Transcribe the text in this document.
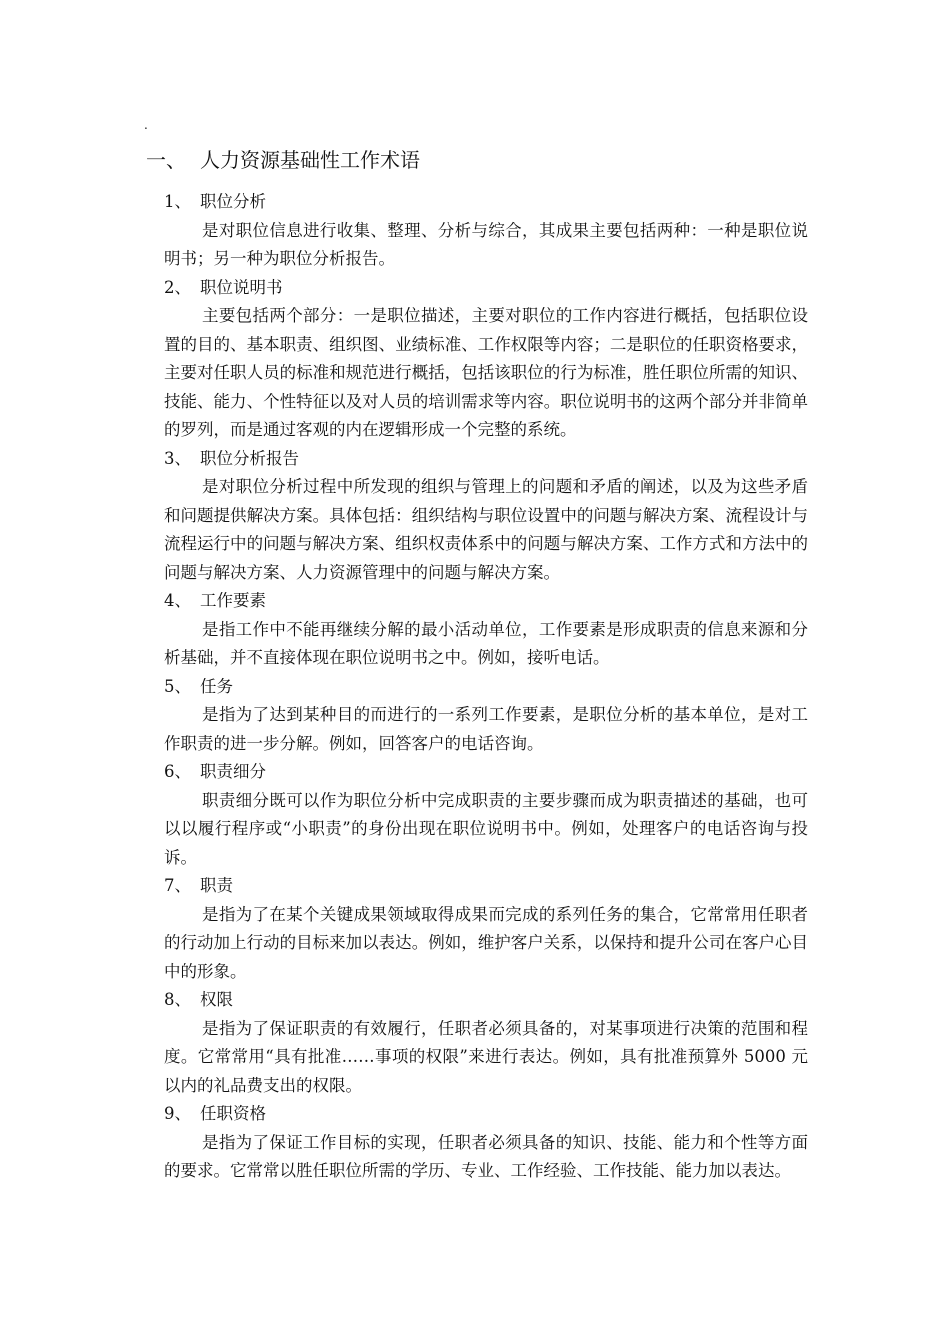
.
一、 人力资源基础性工作术语
1、 职位分析

是对职位信息进行收集、整理、分析与综合，其成果主要包括两种：一种是职位说明书；另一种为职位分析报告。

2、 职位说明书

主要包括两个部分：一是职位描述，主要对职位的工作内容进行概括，包括职位设置的目的、基本职责、组织图、业绩标准、工作权限等内容；二是职位的任职资格要求，主要对任职人员的标准和规范进行概括，包括该职位的行为标准，胜任职位所需的知识、技能、能力、个性特征以及对人员的培训需求等内容。职位说明书的这两个部分并非简单的罗列，而是通过客观的内在逻辑形成一个完整的系统。

3、 职位分析报告

是对职位分析过程中所发现的组织与管理上的问题和矛盾的阐述，以及为这些矛盾和问题提供解决方案。具体包括：组织结构与职位设置中的问题与解决方案、流程设计与流程运行中的问题与解决方案、组织权责体系中的问题与解决方案、工作方式和方法中的问题与解决方案、人力资源管理中的问题与解决方案。

4、 工作要素

是指工作中不能再继续分解的最小活动单位，工作要素是形成职责的信息来源和分析基础，并不直接体现在职位说明书之中。例如，接听电话。

5、 任务

是指为了达到某种目的而进行的一系列工作要素，是职位分析的基本单位，是对工作职责的进一步分解。例如，回答客户的电话咨询。

6、 职责细分

职责细分既可以作为职位分析中完成职责的主要步骤而成为职责描述的基础，也可以以履行程序或“小职责”的身份出现在职位说明书中。例如，处理客户的电话咨询与投诉。

7、 职责

是指为了在某个关键成果领域取得成果而完成的系列任务的集合，它常常用任职者的行动加上行动的目标来加以表达。例如，维护客户关系，以保持和提升公司在客户心目中的形象。

8、 权限

是指为了保证职责的有效履行，任职者必须具备的，对某事项进行决策的范围和程度。它常常用“具有批准……事项的权限”来进行表达。例如，具有批准预算外 5000 元以内的礼品费支出的权限。

9、 任职资格

是指为了保证工作目标的实现，任职者必须具备的知识、技能、能力和个性等方面的要求。它常常以胜任职位所需的学历、专业、工作经验、工作技能、能力加以表达。
